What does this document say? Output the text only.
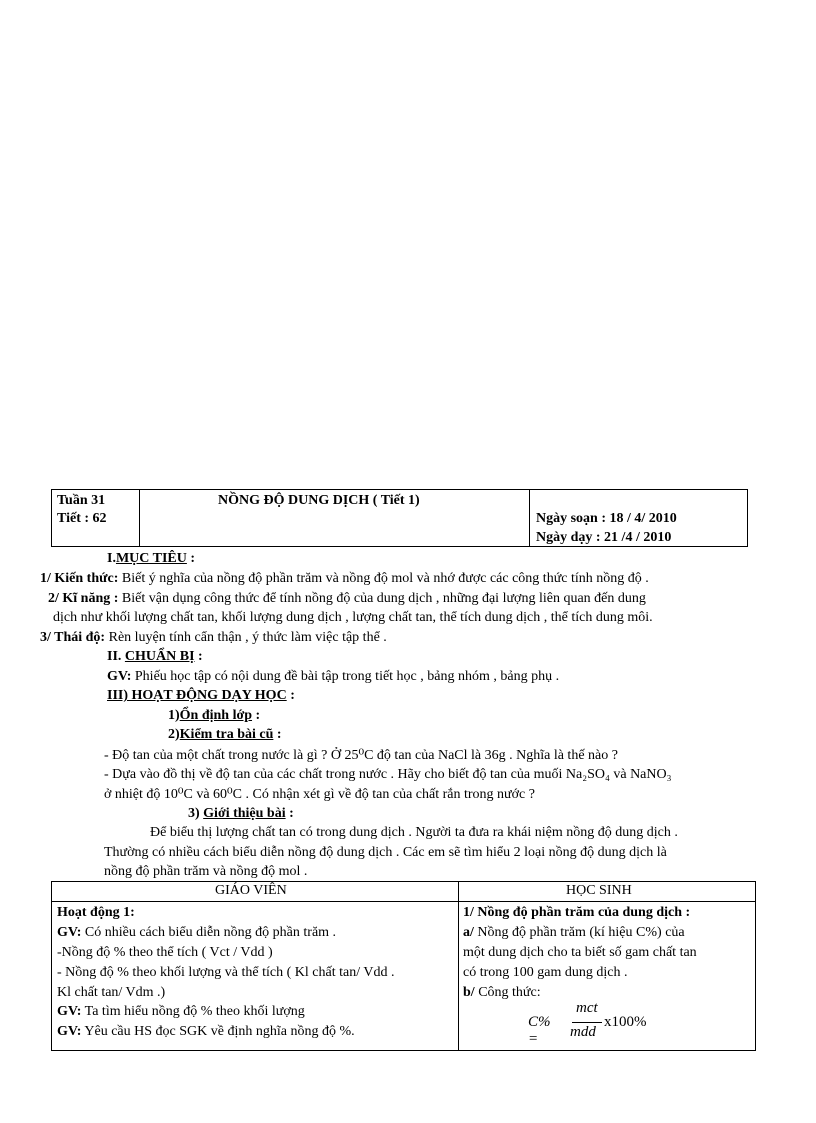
Tuần 31
Tiết : 62
NỒNG ĐỘ DUNG DỊCH ( Tiết 1)
Ngày soạn : 18 / 4/ 2010
Ngày dạy : 21 /4 / 2010
I.MỤC TIÊU :
1/ Kiến thức: Biết ý nghĩa của nồng độ phần trăm và nồng độ mol và nhớ được các công thức tính nồng độ .
2/ Kĩ năng : Biết vận dụng công thức để tính nồng độ của dung dịch , những đại lượng liên quan đến dung
dịch như khối lượng chất tan, khối lượng dung dịch , lượng chất tan, thể tích dung dịch , thể tích dung môi.
3/ Thái độ: Rèn luyện tính cẩn thận , ý thức làm việc tập thể .
II. CHUẨN BỊ :
GV: Phiếu học tập có nội dung đề bài tập trong tiết học , bảng nhóm , bảng phụ .
III) HOẠT ĐỘNG DẠY HỌC :
1)Ổn định lớp :
2)Kiểm tra bài cũ :
- Độ tan của một chất trong nước là gì ? Ở 25⁰C độ tan của NaCl là 36g . Nghĩa là thế nào ?
- Dựa vào đồ thị về độ tan của các chất trong nước . Hãy cho biết độ tan của muối Na₂SO₄ và NaNO₃
ở nhiệt độ 10⁰C và 60⁰C . Có nhận xét gì về độ tan của chất rắn trong nước ?
3) Giới thiệu bài :
Để biểu thị lượng chất tan có trong dung dịch . Người ta đưa ra khái niệm nồng độ dung dịch .
Thường có nhiều cách biểu diễn nồng độ dung dịch . Các em sẽ tìm hiểu 2 loại nồng độ dung dịch là
nồng độ phần trăm và nồng độ mol .
GIÁO VIÊN	HỌC SINH
Hoạt động 1:
GV: Có nhiều cách biểu diễn nồng độ phần trăm .
-Nồng độ % theo thể tích ( Vct / Vdd )
- Nồng độ % theo khối lượng và thể tích ( Kl chất tan/ Vdd .
Kl chất tan/ Vdm .)
GV: Ta tìm hiểu nồng độ % theo khối lượng
GV: Yêu cầu HS đọc SGK về định nghĩa nồng độ %.
1/ Nồng độ phần trăm của dung dịch :
a/ Nồng độ phần trăm (kí hiệu C%) của
một dung dịch cho ta biết số gam chất tan
có trong 100 gam dung dịch .
b/ Công thức:
C% =
mct
mdd
x100%
